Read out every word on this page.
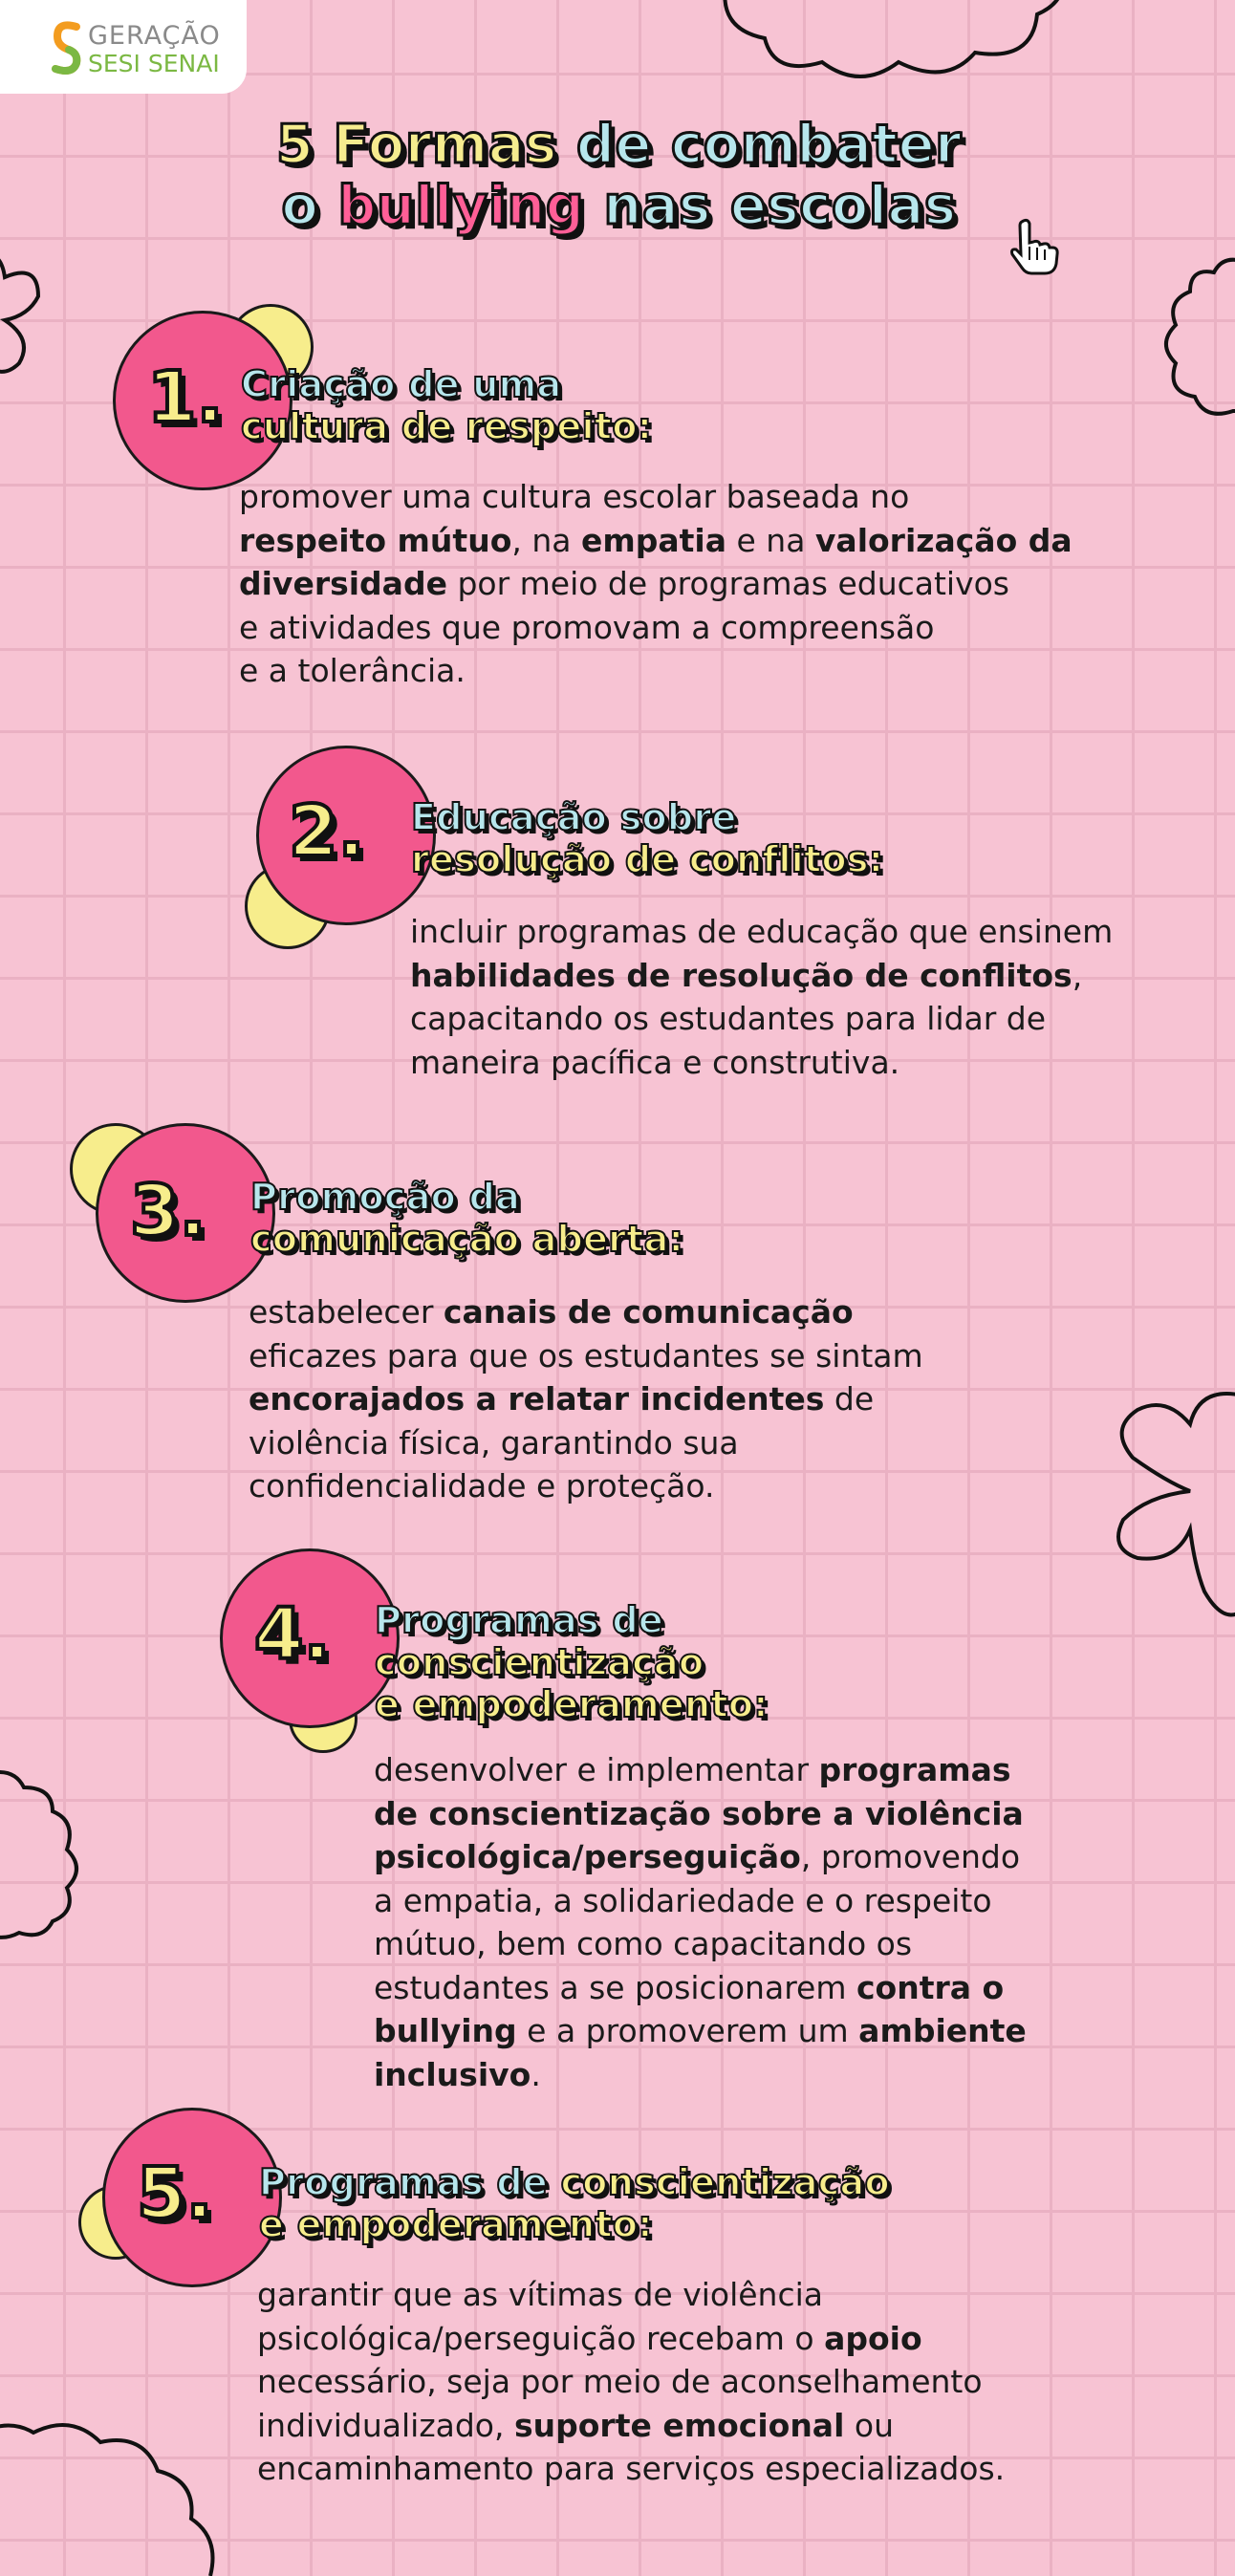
GERAÇÃO
SESI SENAI
5 Formas de combater
o bullying nas escolas
1. Criação de uma
cultura de respeito:
promover uma cultura escolar baseada no
respeito mútuo, na empatia e na valorização da
diversidade por meio de programas educativos
e atividades que promovam a compreensão
e a tolerância.
2. Educação sobre
resolução de conflitos:
incluir programas de educação que ensinem
habilidades de resolução de conflitos,
capacitando os estudantes para lidar de
maneira pacífica e construtiva.
3. Promoção da
comunicação aberta:
estabelecer canais de comunicação
eficazes para que os estudantes se sintam
encorajados a relatar incidentes de
violência física, garantindo sua
confidencialidade e proteção.
4. Programas de
conscientização
e empoderamento:
desenvolver e implementar programas
de conscientização sobre a violência
psicológica/perseguição, promovendo
a empatia, a solidariedade e o respeito
mútuo, bem como capacitando os
estudantes a se posicionarem contra o
bullying e a promoverem um ambiente
inclusivo.
5. Programas de conscientização
e empoderamento:
garantir que as vítimas de violência
psicológica/perseguição recebam o apoio
necessário, seja por meio de aconselhamento
individualizado, suporte emocional ou
encaminhamento para serviços especializados.
